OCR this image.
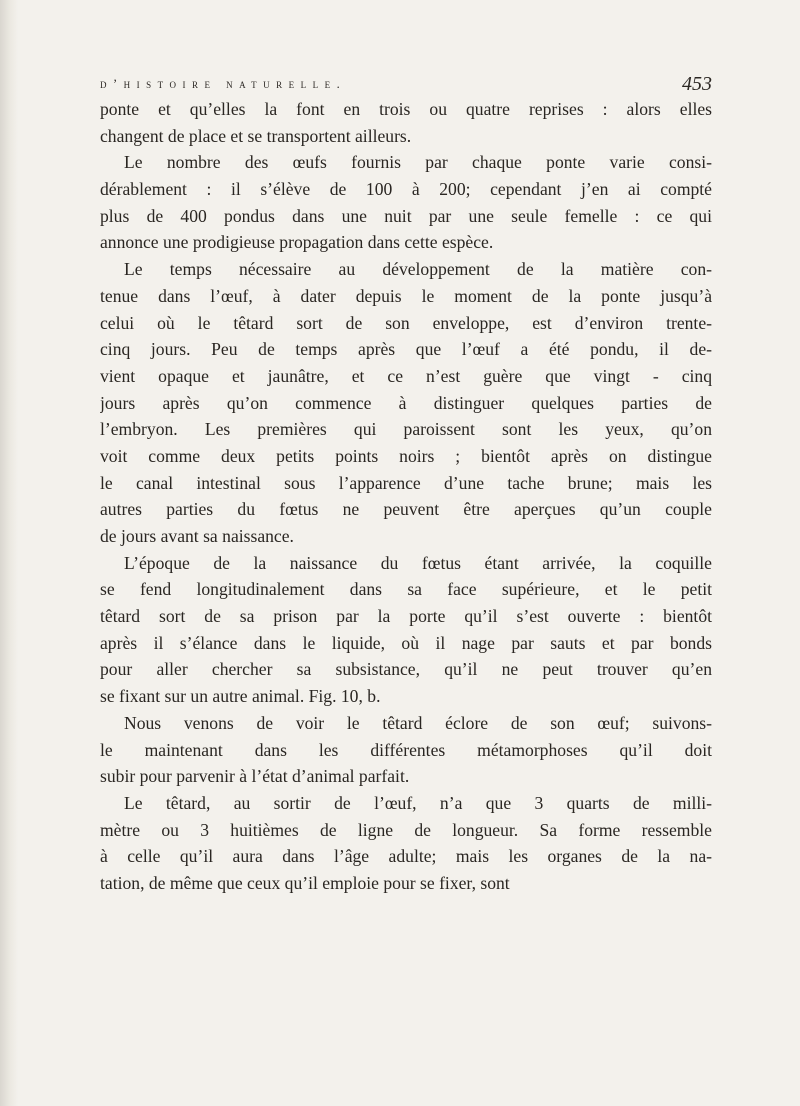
d’histoire naturelle.	453
ponte et qu’elles la font en trois ou quatre reprises : alors elles
changent de place et se transportent ailleurs.
Le nombre des œufs fournis par chaque ponte varie consi-
dérablement : il s’élève de 100 à 200; cependant j’en ai compté
plus de 400 pondus dans une nuit par une seule femelle : ce qui
annonce une prodigieuse propagation dans cette espèce.
Le temps nécessaire au développement de la matière con-
tenue dans l’œuf, à dater depuis le moment de la ponte jusqu’à
celui où le têtard sort de son enveloppe, est d’environ trente-
cinq jours. Peu de temps après que l’œuf a été pondu, il de-
vient opaque et jaunâtre, et ce n’est guère que vingt - cinq
jours après qu’on commence à distinguer quelques parties de
l’embryon. Les premières qui paroissent sont les yeux, qu’on
voit comme deux petits points noirs ; bientôt après on distingue
le canal intestinal sous l’apparence d’une tache brune; mais les
autres parties du fœtus ne peuvent être aperçues qu’un couple
de jours avant sa naissance.
L’époque de la naissance du fœtus étant arrivée, la coquille
se fend longitudinalement dans sa face supérieure, et le petit
têtard sort de sa prison par la porte qu’il s’est ouverte : bientôt
après il s’élance dans le liquide, où il nage par sauts et par bonds
pour aller chercher sa subsistance, qu’il ne peut trouver qu’en
se fixant sur un autre animal. Fig. 10, b.
Nous venons de voir le têtard éclore de son œuf; suivons-
le maintenant dans les différentes métamorphoses qu’il doit
subir pour parvenir à l’état d’animal parfait.
Le têtard, au sortir de l’œuf, n’a que 3 quarts de milli-
mètre ou 3 huitièmes de ligne de longueur. Sa forme ressemble
à celle qu’il aura dans l’âge adulte; mais les organes de la na-
tation, de même que ceux qu’il emploie pour se fixer, sont
